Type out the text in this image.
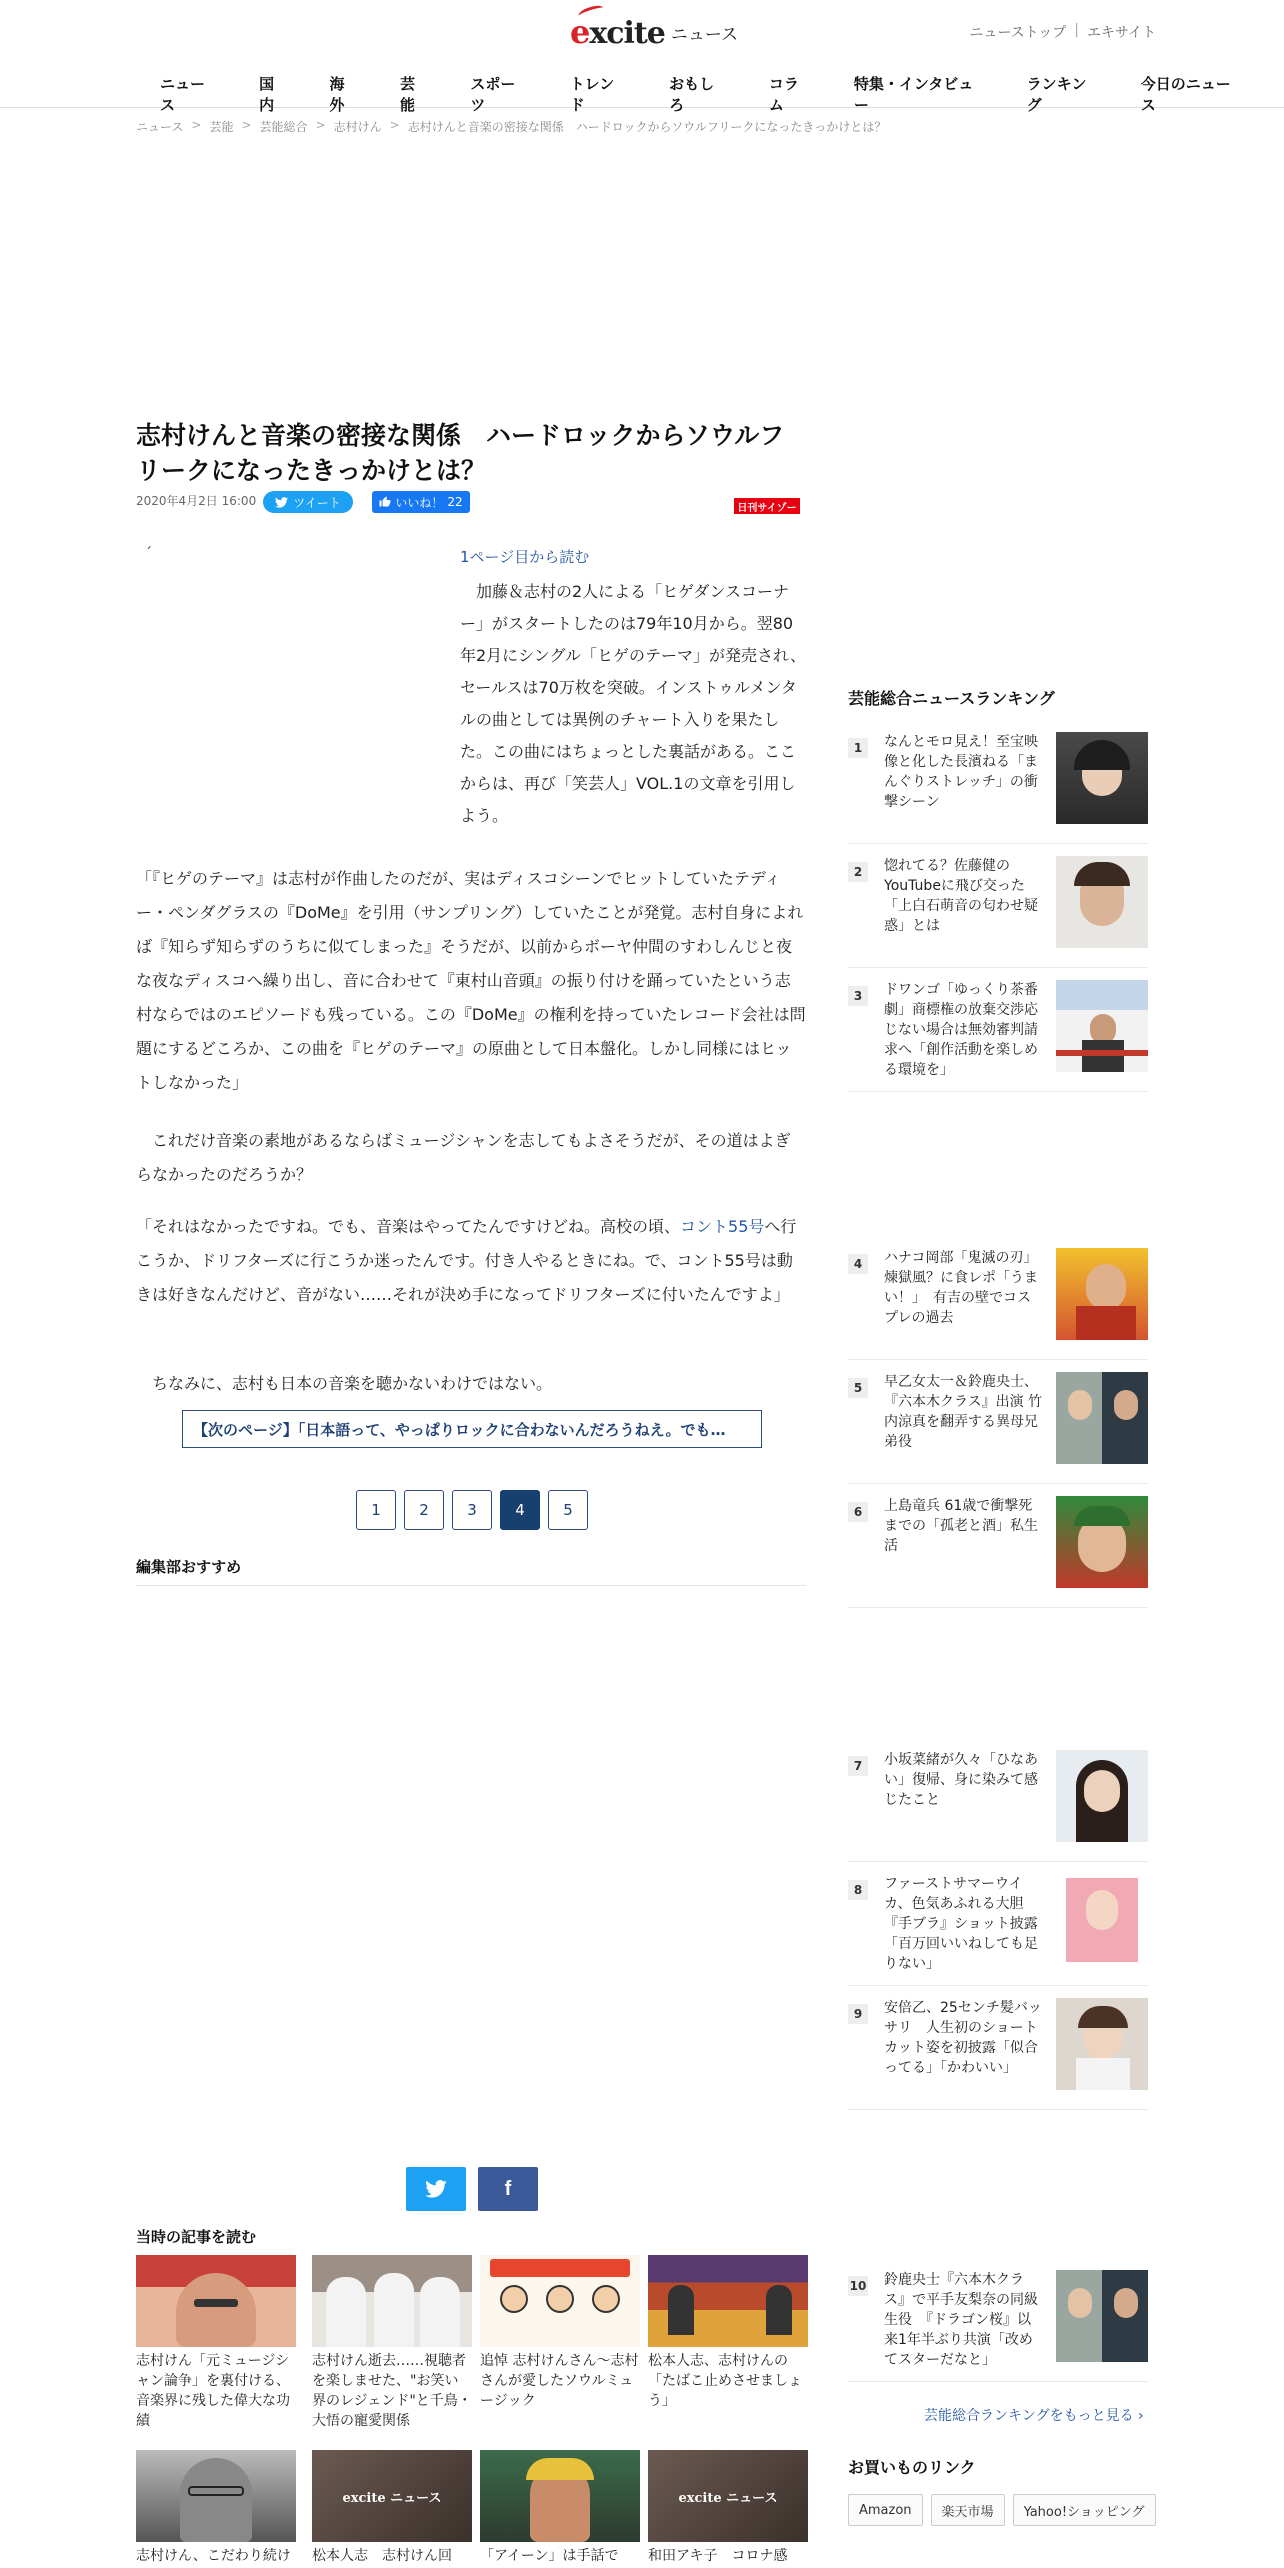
excite ニュース	ニューストップ | エキサイト
ニュース
国内
海外
芸能
スポーツ
トレンド
おもしろ
コラム
特集・インタビュー
ランキング
今日のニュース
ニュース > 芸能 > 芸能総合 > 志村けん > 志村けんと音楽の密接な関係　ハードロックからソウルフリークになったきっかけとは？
志村けんと音楽の密接な関係　ハードロックからソウルフリークになったきっかけとは？
2020年4月2日 16:00	ツイート	いいね！ 22	日刊サイゾー
´	1ページ目から読む

加藤＆志村の2人による「ヒゲダンスコーナー」がスタートしたのは79年10月から。翌80年2月にシングル「ヒゲのテーマ」が発売され、セールスは70万枚を突破。インストゥルメンタルの曲としては異例のチャート入りを果たした。この曲にはちょっとした裏話がある。ここからは、再び「笑芸人」VOL.1の文章を引用しよう。

「『ヒゲのテーマ』は志村が作曲したのだが、実はディスコシーンでヒットしていたテディー・ペンダグラスの『DoMe』を引用（サンプリング）していたことが発覚。志村自身によれば『知らず知らずのうちに似てしまった』そうだが、以前からボーヤ仲間のすわしんじと夜な夜なディスコへ繰り出し、音に合わせて『東村山音頭』の振り付けを踊っていたという志村ならではのエピソードも残っている。この『DoMe』の権利を持っていたレコード会社は問題にするどころか、この曲を『ヒゲのテーマ』の原曲として日本盤化。しかし同様にはヒットしなかった」

これだけ音楽の素地があるならばミュージシャンを志してもよさそうだが、その道はよぎらなかったのだろうか？

「それはなかったですね。でも、音楽はやってたんですけどね。高校の頃、コント55号へ行こうか、ドリフターズに行こうか迷ったんです。付き人やるときにね。で、コント55号は動きは好きなんだけど、音がない……それが決め手になってドリフターズに付いたんですよ」

ちなみに、志村も日本の音楽を聴かないわけではない。

【次のページ】「日本語って、やっぱりロックに合わないんだろうねえ。でも…
1	2	3	4	5
編集部おすすめ
f
当時の記事を読む
志村けん「元ミュージシャン論争」を裏付ける、音楽界に残した偉大な功績
志村けん逝去……視聴者を楽しませた、"お笑い界のレジェンド"と千鳥・大悟の寵愛関係
追悼 志村けんさん～志村さんが愛したソウルミュージック
松本人志、志村けんの「たばこ止めさせましょう」
志村けん、こだわり続け
excite ニュース
松本人志　志村けん回	「アイーン」は手話で
excite ニュース
和田アキ子　コロナ感
芸能総合ニュースランキング
1	なんとモロ見え！至宝映像と化した長濱ねる「まんぐりストレッチ」の衝撃シーン
2	惚れてる？佐藤健のYouTubeに飛び交った「上白石萌音の匂わせ疑惑」とは
3	ドワンゴ「ゆっくり茶番劇」商標権の放棄交渉応じない場合は無効審判請求へ「創作活動を楽しめる環境を」
4	ハナコ岡部「鬼滅の刃」煉獄風？に食レポ「うまい！」　有吉の壁でコスプレの過去
5	早乙女太一＆鈴鹿央士、『六本木クラス』出演 竹内涼真を翻弄する異母兄弟役
6	上島竜兵 61歳で衝撃死までの「孤老と酒」私生活
7	小坂菜緒が久々「ひなあい」復帰、身に染みて感じたこと
8	ファーストサマーウイカ、色気あふれる大胆『手ブラ』ショット披露「百万回いいねしても足りない」
9	安倍乙、25センチ髪バッサリ　人生初のショートカット姿を初披露「似合ってる」「かわいい」
10 鈴鹿央士『六本木クラス』で平手友梨奈の同級生役　『ドラゴン桜』以来1年半ぶり共演「改めてスターだなと」
芸能総合ランキングをもっと見る ›
お買いものリンク
Amazon	楽天市場	Yahoo!ショッピング
